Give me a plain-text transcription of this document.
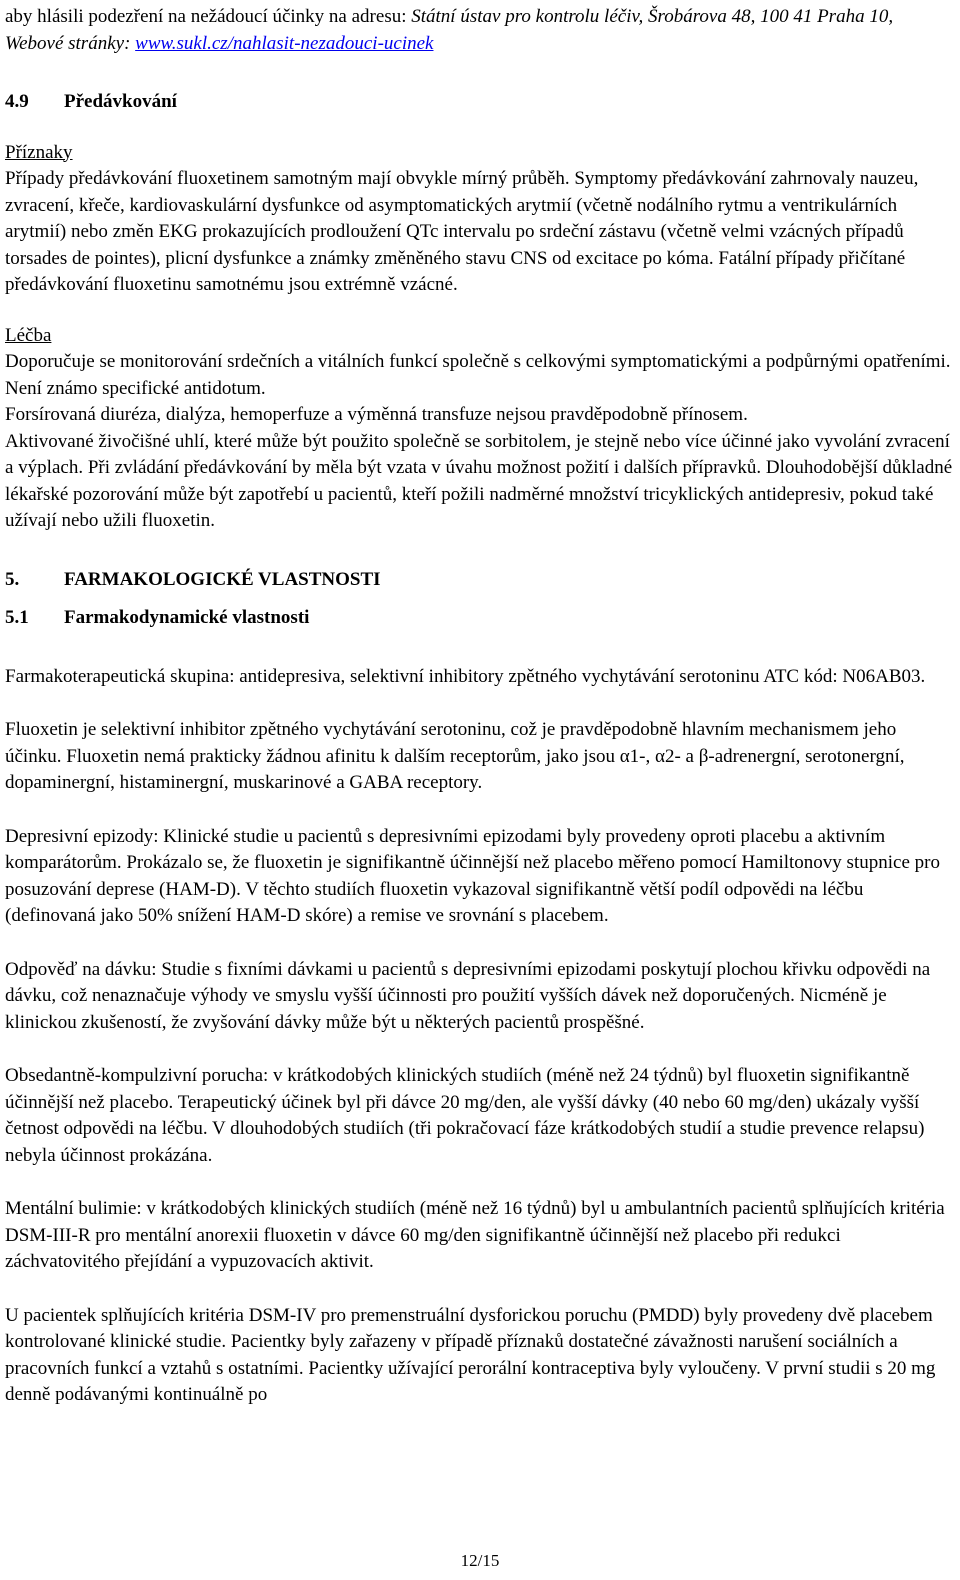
aby hlásili podezření na nežádoucí účinky na adresu: Státní ústav pro kontrolu léčiv, Šrobárova 48, 100 41 Praha 10, Webové stránky: www.sukl.cz/nahlasit-nezadouci-ucinek

4.9	Předávkování

Příznaky

Případy předávkování fluoxetinem samotným mají obvykle mírný průběh. Symptomy předávkování zahrnovaly nauzeu, zvracení, křeče, kardiovaskulární dysfunkce od asymptomatických arytmií (včetně nodálního rytmu a ventrikulárních arytmií) nebo změn EKG prokazujících prodloužení QTc intervalu po srdeční zástavu (včetně velmi vzácných případů torsades de pointes), plicní dysfunkce a známky změněného stavu CNS od excitace po kóma. Fatální případy přičítané předávkování fluoxetinu samotnému jsou extrémně vzácné.

Léčba

Doporučuje se monitorování srdečních a vitálních funkcí společně s celkovými symptomatickými a podpůrnými opatřeními. Není známo specifické antidotum.

Forsírovaná diuréza, dialýza, hemoperfuze a výměnná transfuze nejsou pravděpodobně přínosem.

Aktivované živočišné uhlí, které může být použito společně se sorbitolem, je stejně nebo více účinné jako vyvolání zvracení a výplach. Při zvládání předávkování by měla být vzata v úvahu možnost požití i dalších přípravků. Dlouhodobější důkladné lékařské pozorování může být zapotřebí u pacientů, kteří požili nadměrné množství tricyklických antidepresiv, pokud také užívají nebo užili fluoxetin.

5.	FARMAKOLOGICKÉ VLASTNOSTI
5.1	Farmakodynamické vlastnosti

Farmakoterapeutická skupina: antidepresiva, selektivní inhibitory zpětného vychytávání serotoninu ATC kód: N06AB03.

Fluoxetin je selektivní inhibitor zpětného vychytávání serotoninu, což je pravděpodobně hlavním mechanismem jeho účinku. Fluoxetin nemá prakticky žádnou afinitu k dalším receptorům, jako jsou α1-, α2- a β-adrenergní, serotonergní, dopaminergní, histaminergní, muskarinové a GABA receptory.

Depresivní epizody: Klinické studie u pacientů s depresivními epizodami byly provedeny oproti placebu a aktivním komparátorům. Prokázalo se, že fluoxetin je signifikantně účinnější než placebo měřeno pomocí Hamiltonovy stupnice pro posuzování deprese (HAM-D). V těchto studiích fluoxetin vykazoval signifikantně větší podíl odpovědi na léčbu (definovaná jako 50% snížení HAM-D skóre) a remise ve srovnání s placebem.

Odpověď na dávku: Studie s fixními dávkami u pacientů s depresivními epizodami poskytují plochou křivku odpovědi na dávku, což nenaznačuje výhody ve smyslu vyšší účinnosti pro použití vyšších dávek než doporučených. Nicméně je klinickou zkušeností, že zvyšování dávky může být u některých pacientů prospěšné.

Obsedantně-kompulzivní porucha: v krátkodobých klinických studiích (méně než 24 týdnů) byl fluoxetin signifikantně účinnější než placebo. Terapeutický účinek byl při dávce 20 mg/den, ale vyšší dávky (40 nebo 60 mg/den) ukázaly vyšší četnost odpovědi na léčbu. V dlouhodobých studiích (tři pokračovací fáze krátkodobých studií a studie prevence relapsu) nebyla účinnost prokázána.

Mentální bulimie: v krátkodobých klinických studiích (méně než 16 týdnů) byl u ambulantních pacientů splňujících kritéria DSM-III-R pro mentální anorexii fluoxetin v dávce 60 mg/den signifikantně účinnější než placebo při redukci záchvatovitého přejídání a vypuzovacích aktivit.

U pacientek splňujících kritéria DSM-IV pro premenstruální dysforickou poruchu (PMDD) byly provedeny dvě placebem kontrolované klinické studie. Pacientky byly zařazeny v případě příznaků dostatečné závažnosti narušení sociálních a pracovních funkcí a vztahů s ostatními. Pacientky užívající perorální kontraceptiva byly vyloučeny. V první studii s 20 mg denně podávanými kontinuálně po

12/15
